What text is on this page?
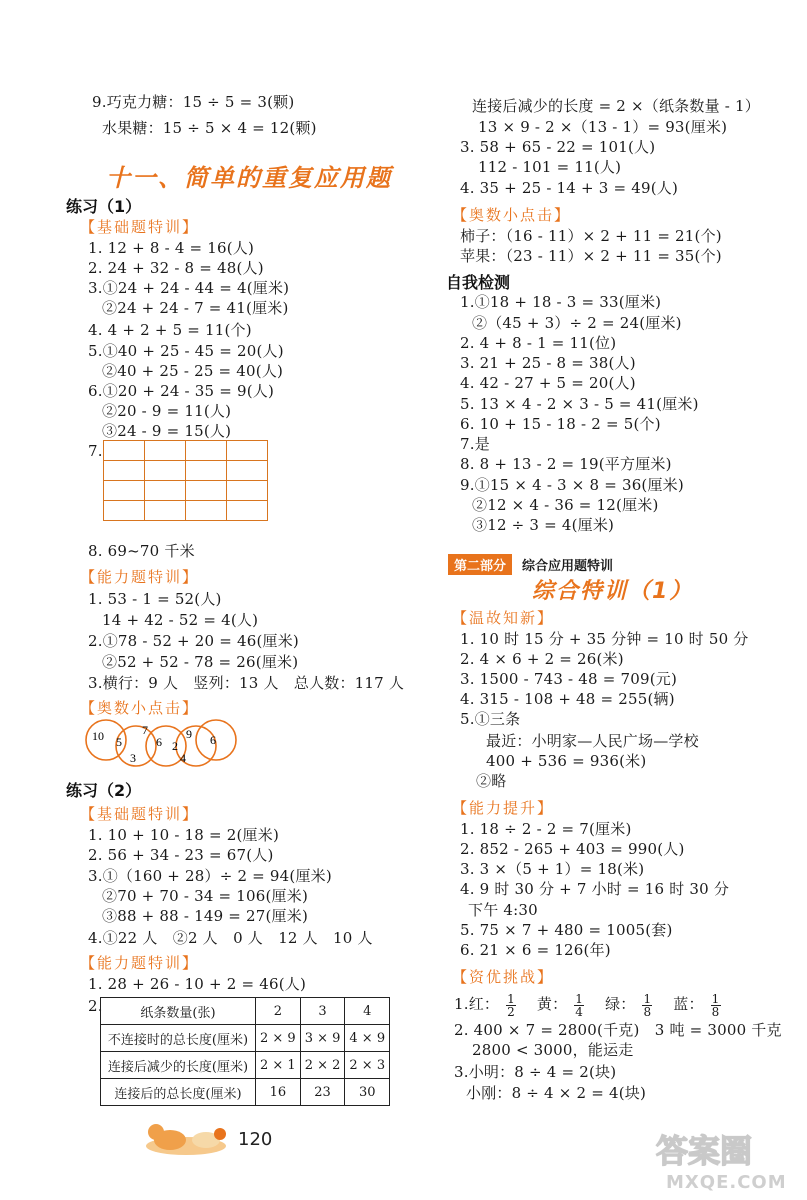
9.巧克力糖：15 ÷ 5 = 3(颗)
水果糖：15 ÷ 5 × 4 = 12(颗)
十一、简单的重复应用题
练习（1）
【基础题特训】
1. 12 + 8 - 4 = 16(人)
2. 24 + 32 - 8 = 48(人)
3.①24 + 24 - 44 = 4(厘米)
②24 + 24 - 7 = 41(厘米)
4. 4 + 2 + 5 = 11(个)
5.①40 + 25 - 45 = 20(人)
②40 + 25 - 25 = 40(人)
6.①20 + 24 - 35 = 9(人)
②20 - 9 = 11(人)
③24 - 9 = 15(人)
7.

8. 69~70 千米
【能力题特训】
1. 53 - 1 = 52(人)
14 + 42 - 52 = 4(人)
2.①78 - 52 + 20 = 46(厘米)
②52 + 52 - 78 = 26(厘米)
3.横行：9 人　竖列：13 人　总人数：117 人
【奥数小点击】
10 5
7
6 2
9 6
3	4
练习（2）
【基础题特训】
1. 10 + 10 - 18 = 2(厘米)
2. 56 + 34 - 23 = 67(人)
3.①（160 + 28）÷ 2 = 94(厘米)
②70 + 70 - 34 = 106(厘米)
③88 + 88 - 149 = 27(厘米)
4.①22 人　②2 人　0 人　12 人　10 人
【能力题特训】
1. 28 + 26 - 10 + 2 = 46(人)
2.	纸条数量(张)	2	3	4
不连接时的总长度(厘米)	2 × 9	3 × 9	4 × 9
连接后减少的长度(厘米)	2 × 1	2 × 2	2 × 3
连接后的总长度(厘米)	16	23	30
120
连接后减少的长度 = 2 ×（纸条数量 - 1）
13 × 9 - 2 ×（13 - 1）= 93(厘米)
3. 58 + 65 - 22 = 101(人)
112 - 101 = 11(人)
4. 35 + 25 - 14 + 3 = 49(人)
【奥数小点击】
柿子：（16 - 11）× 2 + 11 = 21(个)
苹果：（23 - 11）× 2 + 11 = 35(个)
自我检测
1.①18 + 18 - 3 = 33(厘米)
②（45 + 3）÷ 2 = 24(厘米)
2. 4 + 8 - 1 = 11(位)
3. 21 + 25 - 8 = 38(人)
4. 42 - 27 + 5 = 20(人)
5. 13 × 4 - 2 × 3 - 5 = 41(厘米)
6. 10 + 15 - 18 - 2 = 5(个)
7.是
8. 8 + 13 - 2 = 19(平方厘米)
9.①15 × 4 - 3 × 8 = 36(厘米)
②12 × 4 - 36 = 12(厘米)
③12 ÷ 3 = 4(厘米)
第二部分	综合应用题特训
综合特训（1）
【温故知新】
1. 10 时 15 分 + 35 分钟 = 10 时 50 分
2. 4 × 6 + 2 = 26(米)
3. 1500 - 743 - 48 = 709(元)
4. 315 - 108 + 48 = 255(辆)
5.①三条
最近：小明家—人民广场—学校
400 + 536 = 936(米)
②略
【能力提升】
1. 18 ÷ 2 - 2 = 7(厘米)
2. 852 - 265 + 403 = 990(人)
3. 3 ×（5 + 1）= 18(米)
4. 9 时 30 分 + 7 小时 = 16 时 30 分
下午 4:30
5. 75 × 7 + 480 = 1005(套)
6. 21 × 6 = 126(年)
【资优挑战】
1.红： $\frac{1}{2}$ 黄： $\frac{1}{4}$ 绿： $\frac{1}{8}$ 蓝： $\frac{1}{8}$
2. 400 × 7 = 2800(千克)　3 吨 = 3000 千克
2800 < 3000，能运走
3.小明：8 ÷ 4 = 2(块)
小刚：8 ÷ 4 × 2 = 4(块)
答案圈
MXQE.COM
